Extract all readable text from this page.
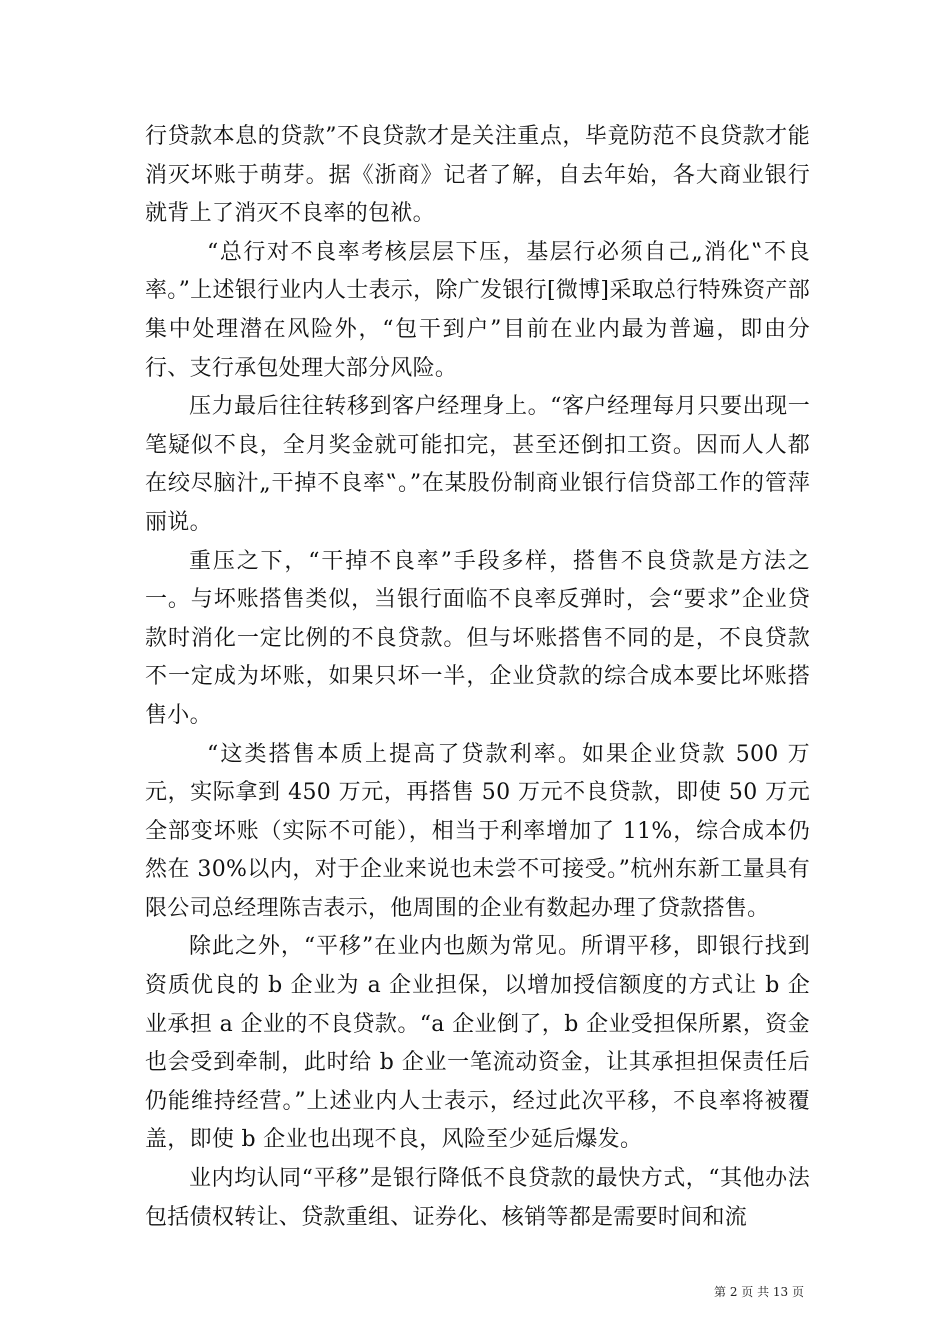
行贷款本息的贷款”不良贷款才是关注重点，毕竟防范不良贷款才能消灭坏账于萌芽。据《浙商》记者了解，自去年始，各大商业银行就背上了消灭不良率的包袱。

“总行对不良率考核层层下压，基层行必须自己„消化‟不良率。”上述银行业内人士表示，除广发银行[微博]采取总行特殊资产部集中处理潜在风险外，“包干到户”目前在业内最为普遍，即由分行、支行承包处理大部分风险。

压力最后往往转移到客户经理身上。“客户经理每月只要出现一笔疑似不良，全月奖金就可能扣完，甚至还倒扣工资。因而人人都在绞尽脑汁„干掉不良率‟。”在某股份制商业银行信贷部工作的管萍丽说。

重压之下，“干掉不良率”手段多样，搭售不良贷款是方法之一。与坏账搭售类似，当银行面临不良率反弹时，会“要求”企业贷款时消化一定比例的不良贷款。但与坏账搭售不同的是，不良贷款不一定成为坏账，如果只坏一半，企业贷款的综合成本要比坏账搭售小。

“这类搭售本质上提高了贷款利率。如果企业贷款 500 万元，实际拿到 450 万元，再搭售 50 万元不良贷款，即使 50 万元全部变坏账（实际不可能），相当于利率增加了 11%，综合成本仍然在 30%以内，对于企业来说也未尝不可接受。”杭州东新工量具有限公司总经理陈吉表示，他周围的企业有数起办理了贷款搭售。

除此之外，“平移”在业内也颇为常见。所谓平移，即银行找到资质优良的 b 企业为 a 企业担保，以增加授信额度的方式让 b 企业承担 a 企业的不良贷款。“a 企业倒了，b 企业受担保所累，资金也会受到牵制，此时给 b 企业一笔流动资金，让其承担担保责任后仍能维持经营。”上述业内人士表示，经过此次平移，不良率将被覆盖，即使 b 企业也出现不良，风险至少延后爆发。

业内均认同“平移”是银行降低不良贷款的最快方式，“其他办法包括债权转让、贷款重组、证券化、核销等都是需要时间和流

第 2 页 共 13 页
